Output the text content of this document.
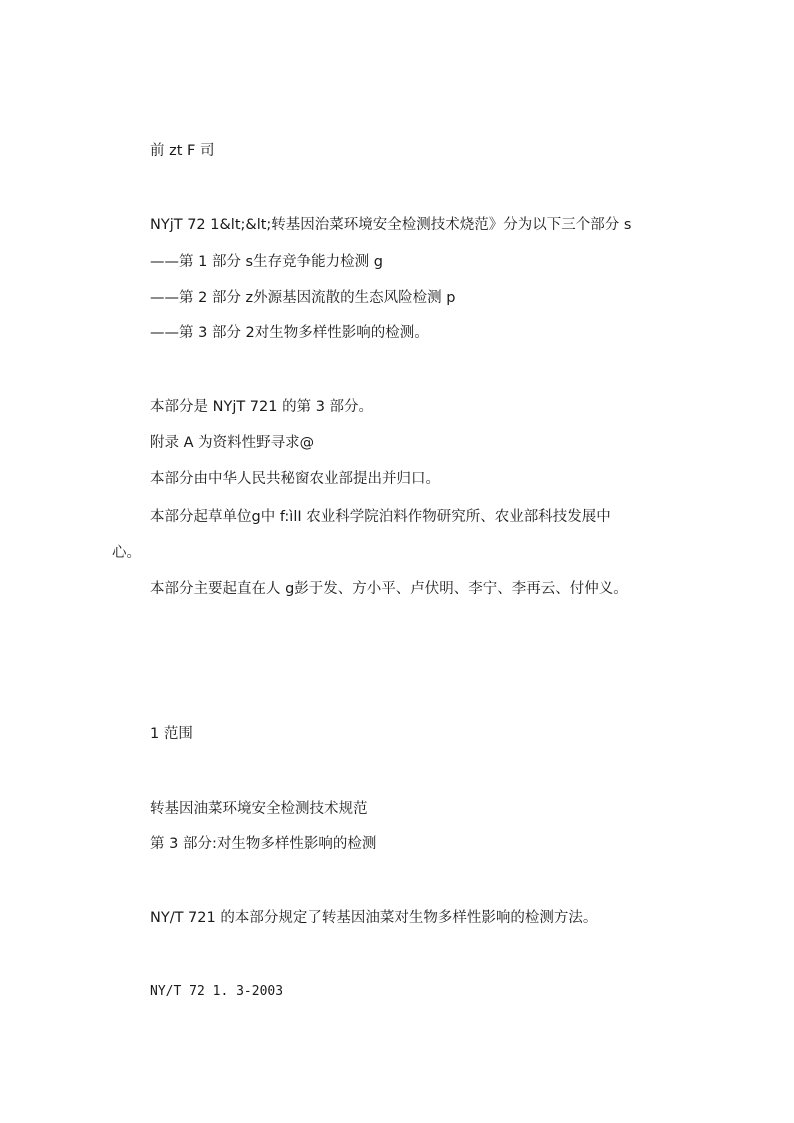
前 zt F 司
NYjT 72 1&lt;&lt;转基因治菜环境安全检测技术烧范》分为以下三个部分 s
——第 1 部分 s生存竞争能力检测 g
——第 2 部分 z外源基因流散的生态风险检测 p
——第 3 部分 2对生物多样性影响的检测。
本部分是 NYjT 721 的第 3 部分。
附录 A 为资料性野寻求@
本部分由中华人民共秘窗农业部提出并归口。
本部分起草单位g中 f:ìlI 农业科学院泊料作物研究所、农业部科技发展中
心。
本部分主要起直在人 g彭于发、方小平、卢伏明、李宁、李再云、付仲义。
1 范围
转基因油菜环境安全检测技术规范
第 3 部分:对生物多样性影响的检测
NY/T 721 的本部分规定了转基因油菜对生物多样性影响的检测方法。
NY/T 72 1. 3-2003
